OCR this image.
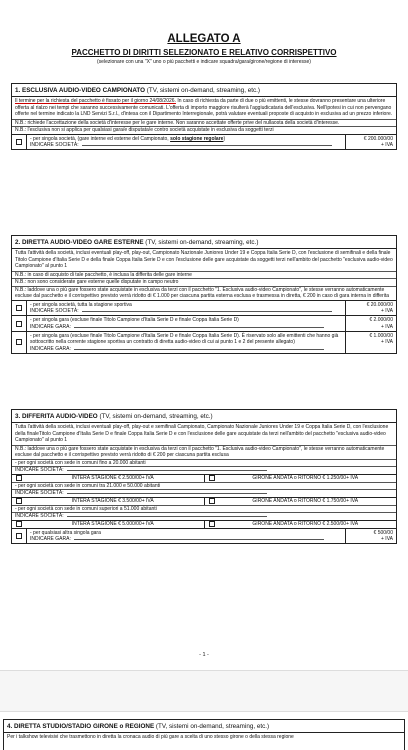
ALLEGATO A
PACCHETTO DI DIRITTI SELEZIONATO E RELATIVO CORRISPETTIVO
(selezionare con una "X" uno o più pacchetti e indicare squadra/gara/girone/regione di interesse)
1. ESCLUSIVA AUDIO-VIDEO CAMPIONATO (TV, sistemi on-demand, streaming, etc.)
Il termine per la richiesta del pacchetto è fissato per il giorno 24/08/2026. In caso di richiesta da parte di due o più emittenti, le stesse dovranno presentare una ulteriore offerta al rialzo nei tempi che saranno successivamente comunicati. L'offerta di importo maggiore risulterà l'aggiudicataria dell'esclusiva. Nell'ipotesi in cui non pervengano offerte nel termine indicato la LND Servizi S.r.l., d'intesa con il Dipartimento Interregionale, potrà valutare eventuali proposte di acquisto in esclusiva ad un prezzo inferiore.
N.B.: richiede l'accettazione della società d'interesse per le gare interne. Non saranno accettate offerte prive del nullaosta della società d'interesse.
N.B.: l'esclusiva non si applica per qualsiasi gara/e disputata/e contro società acquistate in esclusiva da soggetti terzi
- per singola società, (gare interne ed esterne del Campionato, solo stagione regolare)
INDICARE SOCIETÀ:
€ 200.000/00
+ IVA
2. DIRETTA AUDIO-VIDEO GARE ESTERNE (TV, sistemi on-demand, streaming, etc.)
Tutta l'attività della società, inclusi eventuali play-off, play-out, Campionato Nazionale Juniores Under 19 e Coppa Italia Serie D, con l'esclusione di semifinali e della finale Titolo Campione d'Italia Serie D e della finale Coppa Italia Serie D e con l'esclusione delle gare acquistate da soggetti terzi nell'ambito del pacchetto "esclusiva audio-video Campionato" al punto 1
N.B.: in caso di acquisto di tale pacchetto, è inclusa la differita delle gare interne
N.B.: non sono considerate gare esterne quelle disputate in campo neutro
N.B.: laddove una o più gare fossero state acquistate in esclusiva da terzi con il pacchetto "1. Esclusiva audio-video Campionato", le stesse verranno automaticamente escluse dal pacchetto e il corrispettivo previsto verrà ridotto di € 1.000 per ciascuna partita esterna esclusa e trasmessa in diretta, € 200 in caso di gara interna in differita
- per singola società, tutta la stagione sportiva
INDICARE SOCIETÀ:
€ 20.000/00
+ IVA
- per singola gara (escluse finale Titolo Campione d'Italia Serie D e finale Coppa Italia Serie D)
INDICARE GARA:
€ 2.000/00
+ IVA
- per singola gara (escluse finale Titolo Campione d'Italia Serie D e finale Coppa Italia Serie D). È riservato solo alle emittenti che hanno già sottoscritto nella corrente stagione sportiva un contratto di diretta audio-video di cui ai punto 1 e 2 del presente allegato)
INDICARE GARA:
€ 1.000/00
+ IVA
3. DIFFERITA AUDIO-VIDEO (TV, sistemi on-demand, streaming, etc.)
Tutta l'attività della società, inclusi eventuali play-off, play-out e semifinali Campionato, Campionato Nazionale Juniores Under 19 e Coppa Italia Serie D, con l'esclusione della finaleTitolo Campione d'Italia Serie D e finale Coppa Italia Serie D e con l'esclusione delle gare acquistate da terzi nell'ambito del pacchetto "esclusiva audio-video Campionato" al punto 1
N.B.: laddove una o più gare fossero state acquistate in esclusiva da terzi con il pacchetto "1. Esclusiva audio-video Campionato", le stesse verranno automaticamente escluse dal pacchetto e il corrispettivo previsto verrà ridotto di € 200 per ciascuna partita esclusa
- per ogni società con sede in comuni fino a 20.000 abitanti
INDICARE SOCIETÀ:
INTERA STAGIONE € 2.500/00+ IVA	GIRONE ANDATA o RITORNO € 1.250/00+ IVA
- per ogni società con sede in comuni tra 21.000 e 50.000 abitanti
INDICARE SOCIETÀ:
INTERA STAGIONE € 3.500/00+ IVA	GIRONE ANDATA o RITORNO € 1.750/00+ IVA
- per ogni società con sede in comuni superiori a 51.000 abitanti
INDICARE SOCIETÀ:
INTERA STAGIONE € 5.000/00+ IVA	GIRONE ANDATA o RITORNO € 2.500/00+ IVA
- per qualsiasi altra singola gara
INDICARE GARA:
€ 500/00
+ IVA
- 1 -
4. DIRETTA STUDIO/STADIO GIRONE o REGIONE (TV, sistemi on-demand, streaming, etc.)
Per i talkshow televisivi che trasmettono in diretta la cronaca audio di più gare a scelta di uno stesso girone o della stessa regione
